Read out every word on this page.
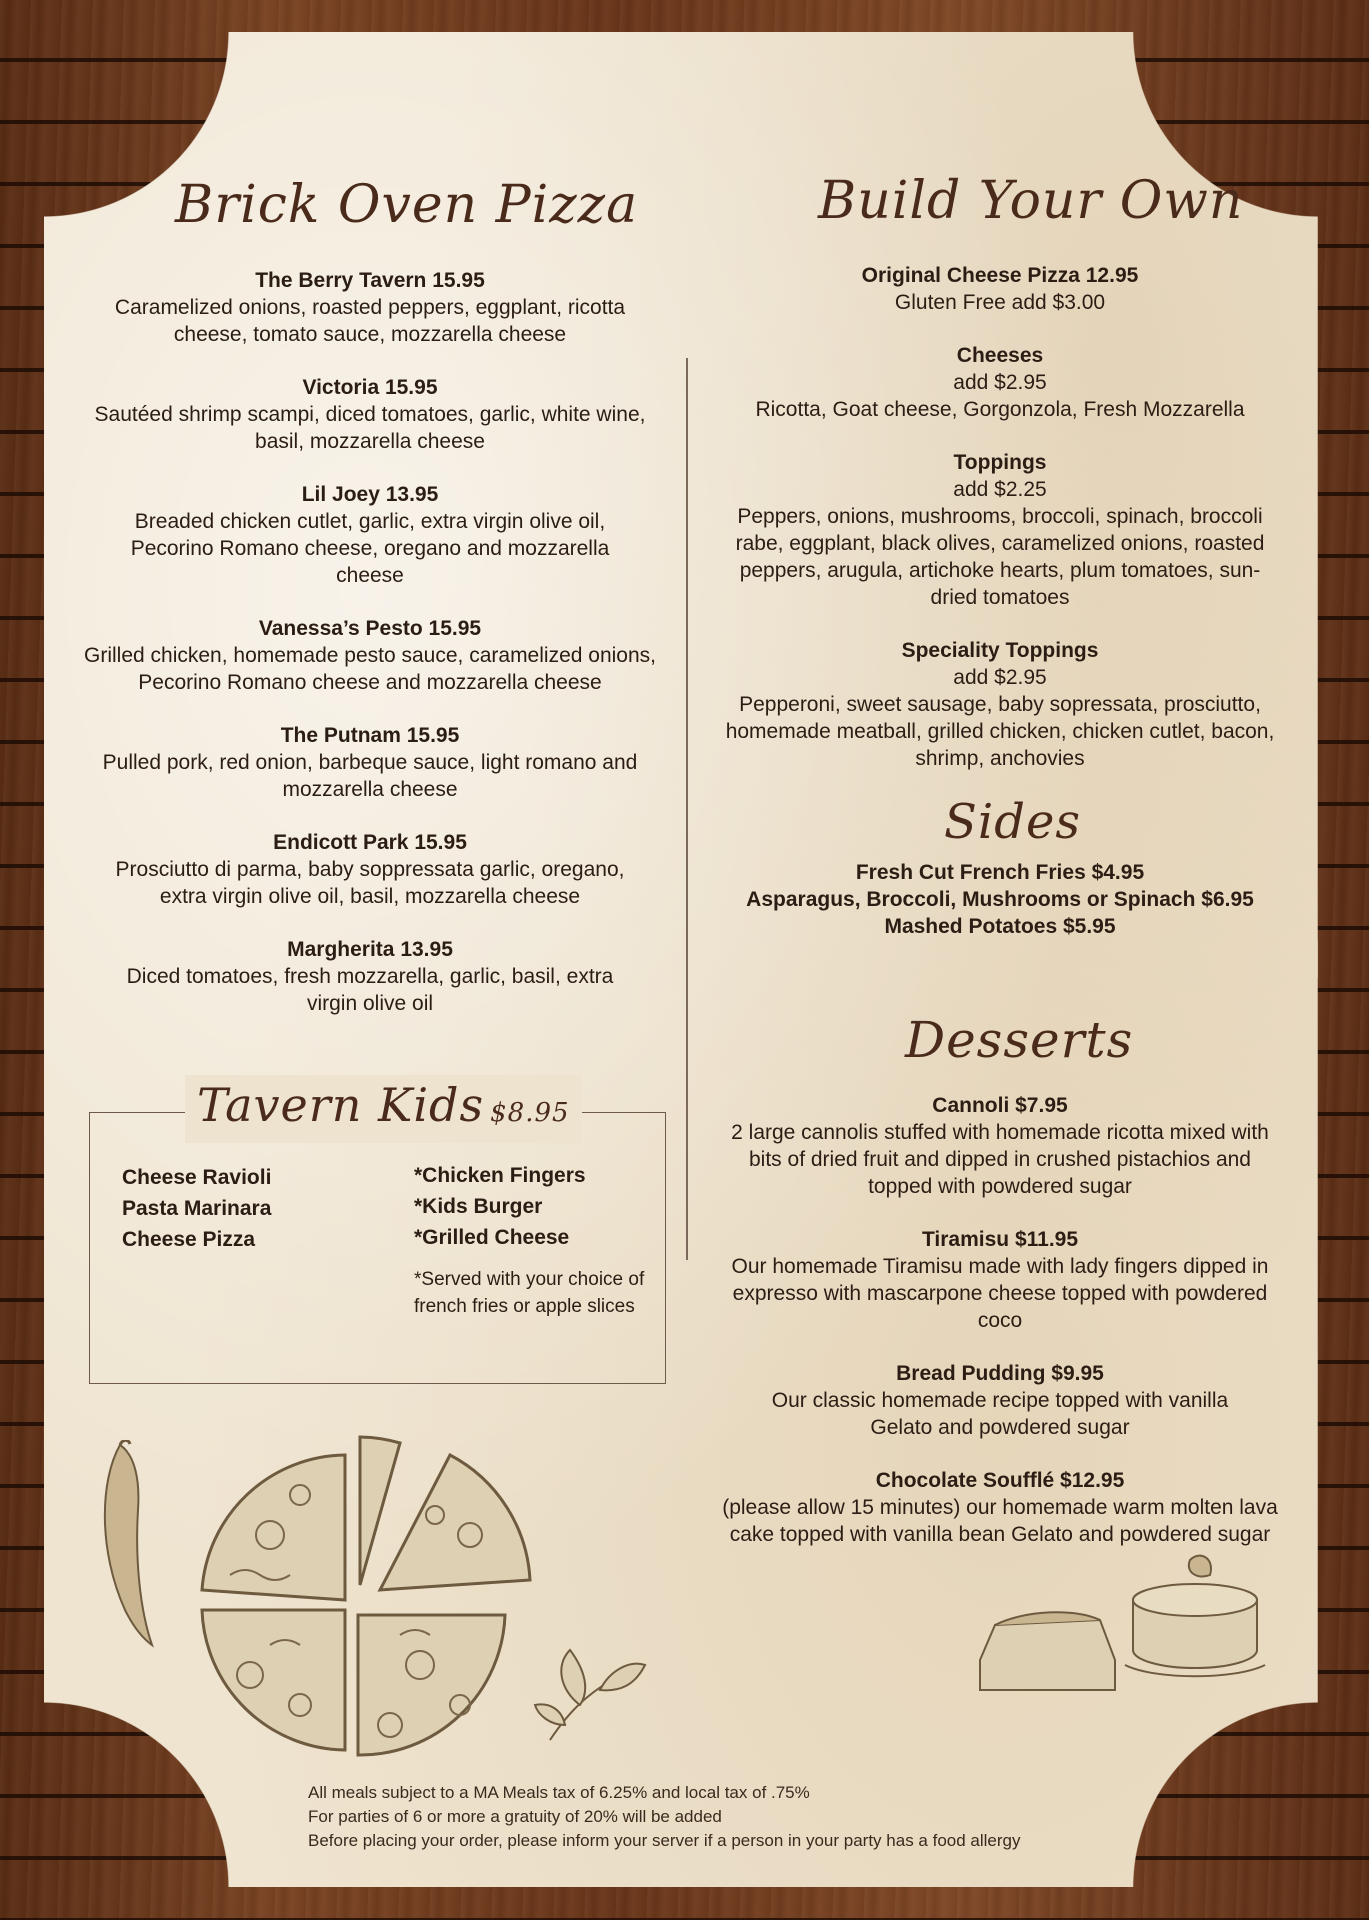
Brick Oven Pizza
The Berry Tavern 15.95
Caramelized onions, roasted peppers, eggplant, ricotta cheese, tomato sauce, mozzarella cheese
Victoria 15.95
Sautéed shrimp scampi, diced tomatoes, garlic, white wine, basil, mozzarella cheese
Lil Joey 13.95
Breaded chicken cutlet, garlic, extra virgin olive oil, Pecorino Romano cheese, oregano and mozzarella cheese
Vanessa’s Pesto 15.95
Grilled chicken, homemade pesto sauce, caramelized onions, Pecorino Romano cheese and mozzarella cheese
The Putnam 15.95
Pulled pork, red onion, barbeque sauce, light romano and mozzarella cheese
Endicott Park 15.95
Prosciutto di parma, baby soppressata garlic, oregano, extra virgin olive oil, basil, mozzarella cheese
Margherita 13.95
Diced tomatoes, fresh mozzarella, garlic, basil, extra virgin olive oil
Tavern Kids $8.95
Cheese Ravioli
Pasta Marinara
Cheese Pizza
*Chicken Fingers
*Kids Burger
*Grilled Cheese
*Served with your choice of french fries or apple slices
Build Your Own
Original Cheese Pizza 12.95
Gluten Free add $3.00
Cheeses
add $2.95
Ricotta, Goat cheese, Gorgonzola, Fresh Mozzarella
Toppings
add $2.25
Peppers, onions, mushrooms, broccoli, spinach, broccoli rabe, eggplant, black olives, caramelized onions, roasted peppers, arugula, artichoke hearts, plum tomatoes, sun-dried tomatoes
Speciality Toppings
add $2.95
Pepperoni, sweet sausage, baby sopressata, prosciutto, homemade meatball, grilled chicken, chicken cutlet, bacon, shrimp, anchovies
Sides
Fresh Cut French Fries $4.95
Asparagus, Broccoli, Mushrooms or Spinach $6.95
Mashed Potatoes $5.95
Desserts
Cannoli $7.95
2 large cannolis stuffed with homemade ricotta mixed with bits of dried fruit and dipped in crushed pistachios and topped with powdered sugar
Tiramisu $11.95
Our homemade Tiramisu made with lady fingers dipped in expresso with mascarpone cheese topped with powdered coco
Bread Pudding $9.95
Our classic homemade recipe topped with vanilla Gelato and powdered sugar
Chocolate Soufflé $12.95
(please allow 15 minutes) our homemade warm molten lava cake topped with vanilla bean Gelato and powdered sugar
All meals subject to a MA Meals tax of 6.25% and local tax of .75%
For parties of 6 or more a gratuity of 20% will be added
Before placing your order, please inform your server if a person in your party has a food allergy
